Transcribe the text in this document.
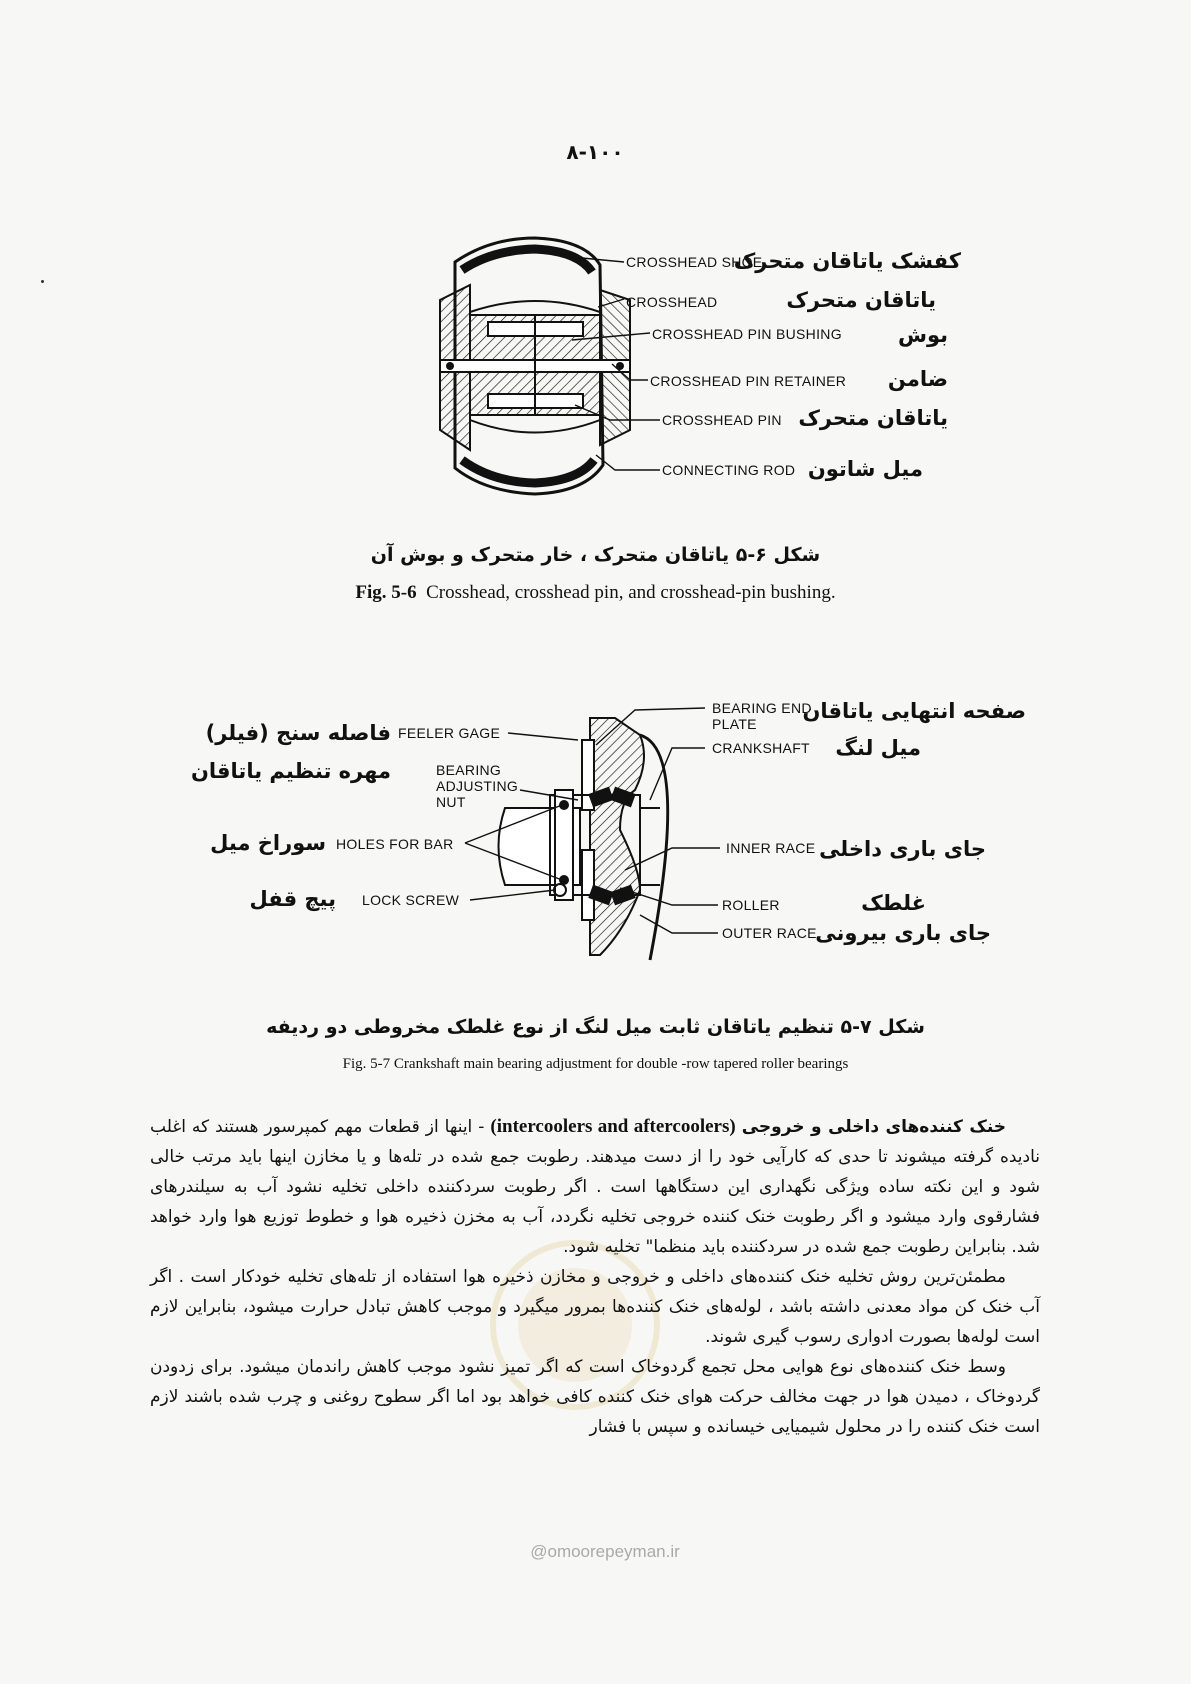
۸-۱۰۰
CROSSHEAD SHOE
CROSSHEAD
CROSSHEAD PIN BUSHING
CROSSHEAD PIN RETAINER
CROSSHEAD PIN
CONNECTING ROD
کفشک یاتاقان متحرک
یاتاقان متحرک
بوش
ضامن
یاتاقان متحرک
میل شاتون
شکل ۶-۵ یاتاقان متحرک ، خار متحرک و بوش آن
Fig. 5-6 Crosshead, crosshead pin, and crosshead-pin bushing.
FEELER GAGE
BEARING ADJUSTING NUT
HOLES FOR BAR
LOCK SCREW
BEARING END PLATE
CRANKSHAFT
INNER RACE
ROLLER
OUTER RACE
فاصله سنج (فیلر)
مهره تنظیم یاتاقان
سوراخ میل
پیچ قفل
صفحه انتهایی یاتاقان
میل لنگ
جای باری داخلی
غلطک
جای باری بیرونی
شکل ۷-۵ تنظیم یاتاقان ثابت میل لنگ از نوع غلطک مخروطی دو ردیفه
Fig. 5-7 Crankshaft main bearing adjustment for double -row tapered roller bearings

خنک کننده‌های داخلی و خروجی (intercoolers and aftercoolers) - اینها از قطعات مهم کمپرسور هستند که اغلب نادیده گرفته میشوند تا حدی که کارآیی خود را از دست میدهند. رطوبت جمع شده در تله‌ها و یا مخازن اینها باید مرتب خالی شود و این نکته ساده ویژگی نگهداری این دستگاهها است . اگر رطوبت سردکننده داخلی تخلیه نشود آب به سیلندرهای فشارقوی وارد میشود و اگر رطوبت خنک کننده خروجی تخلیه نگردد، آب به مخزن ذخیره هوا و خطوط توزیع هوا وارد خواهد شد. بنابراین رطوبت جمع شده در سردکننده باید منظما" تخلیه شود.

مطمئن‌ترین روش تخلیه خنک کننده‌های داخلی و خروجی و مخازن ذخیره هوا استفاده از تله‌های تخلیه خودکار است . اگر آب خنک کن مواد معدنی داشته باشد ، لوله‌های خنک کننده‌ها بمرور میگیرد و موجب کاهش تبادل حرارت میشود، بنابراین لازم است لوله‌ها بصورت ادواری رسوب گیری شوند.

وسط خنک کننده‌های نوع هوایی محل تجمع گردوخاک است که اگر تمیز نشود موجب کاهش راندمان میشود. برای زدودن گردوخاک ، دمیدن هوا در جهت مخالف حرکت هوای خنک کننده کافی خواهد بود اما اگر سطوح روغنی و چرب شده باشند لازم است خنک کننده را در محلول شیمیایی خیسانده و سپس با فشار

@omoorepeyman.ir
